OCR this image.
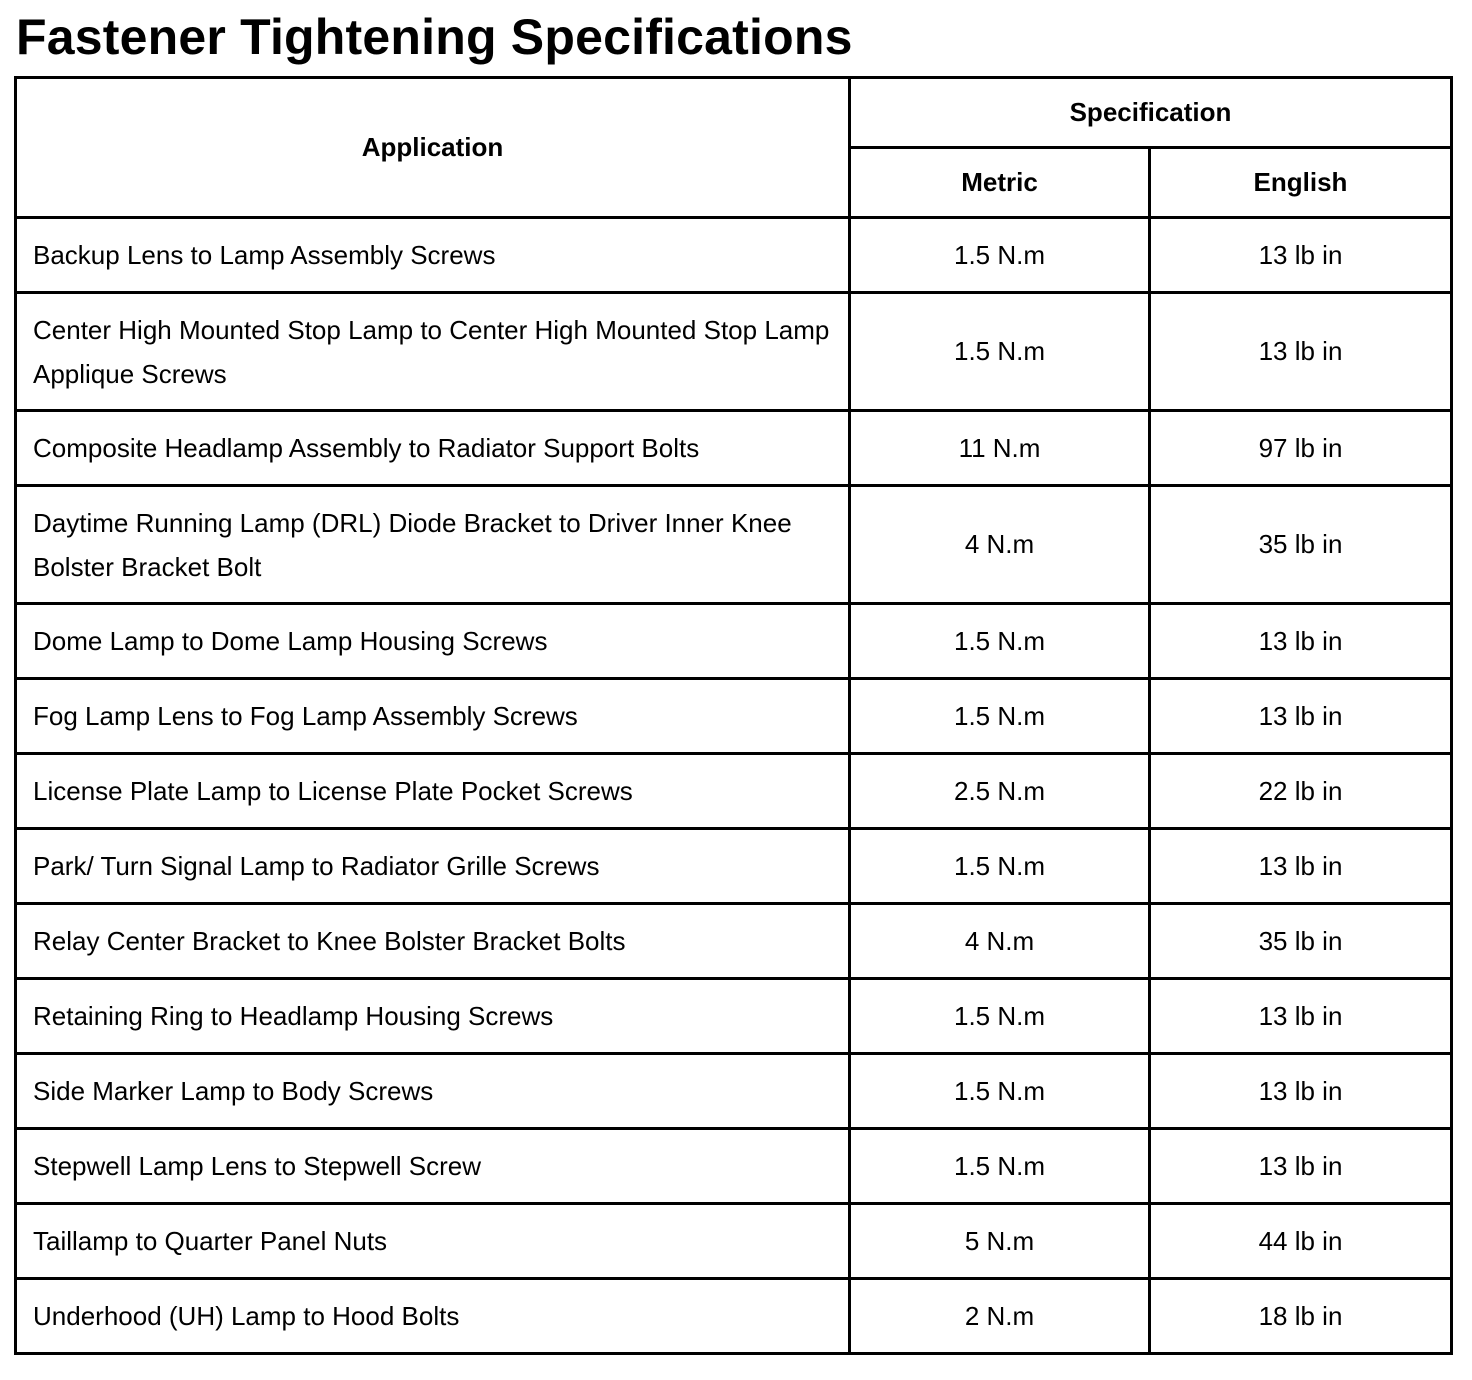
Fastener Tightening Specifications
Application	Specification	
	Metric	English
Backup Lens to Lamp Assembly Screws	1.5 N.m	13 lb in
Center High Mounted Stop Lamp to Center High Mounted Stop Lamp Applique Screws	1.5 N.m	13 lb in
Composite Headlamp Assembly to Radiator Support Bolts	11 N.m	97 lb in
Daytime Running Lamp (DRL) Diode Bracket to Driver Inner Knee Bolster Bracket Bolt	4 N.m	35 lb in
Dome Lamp to Dome Lamp Housing Screws	1.5 N.m	13 lb in
Fog Lamp Lens to Fog Lamp Assembly Screws	1.5 N.m	13 lb in
License Plate Lamp to License Plate Pocket Screws	2.5 N.m	22 lb in
Park/ Turn Signal Lamp to Radiator Grille Screws	1.5 N.m	13 lb in
Relay Center Bracket to Knee Bolster Bracket Bolts	4 N.m	35 lb in
Retaining Ring to Headlamp Housing Screws	1.5 N.m	13 lb in
Side Marker Lamp to Body Screws	1.5 N.m	13 lb in
Stepwell Lamp Lens to Stepwell Screw	1.5 N.m	13 lb in
Taillamp to Quarter Panel Nuts	5 N.m	44 lb in
Underhood (UH) Lamp to Hood Bolts	2 N.m	18 lb in
